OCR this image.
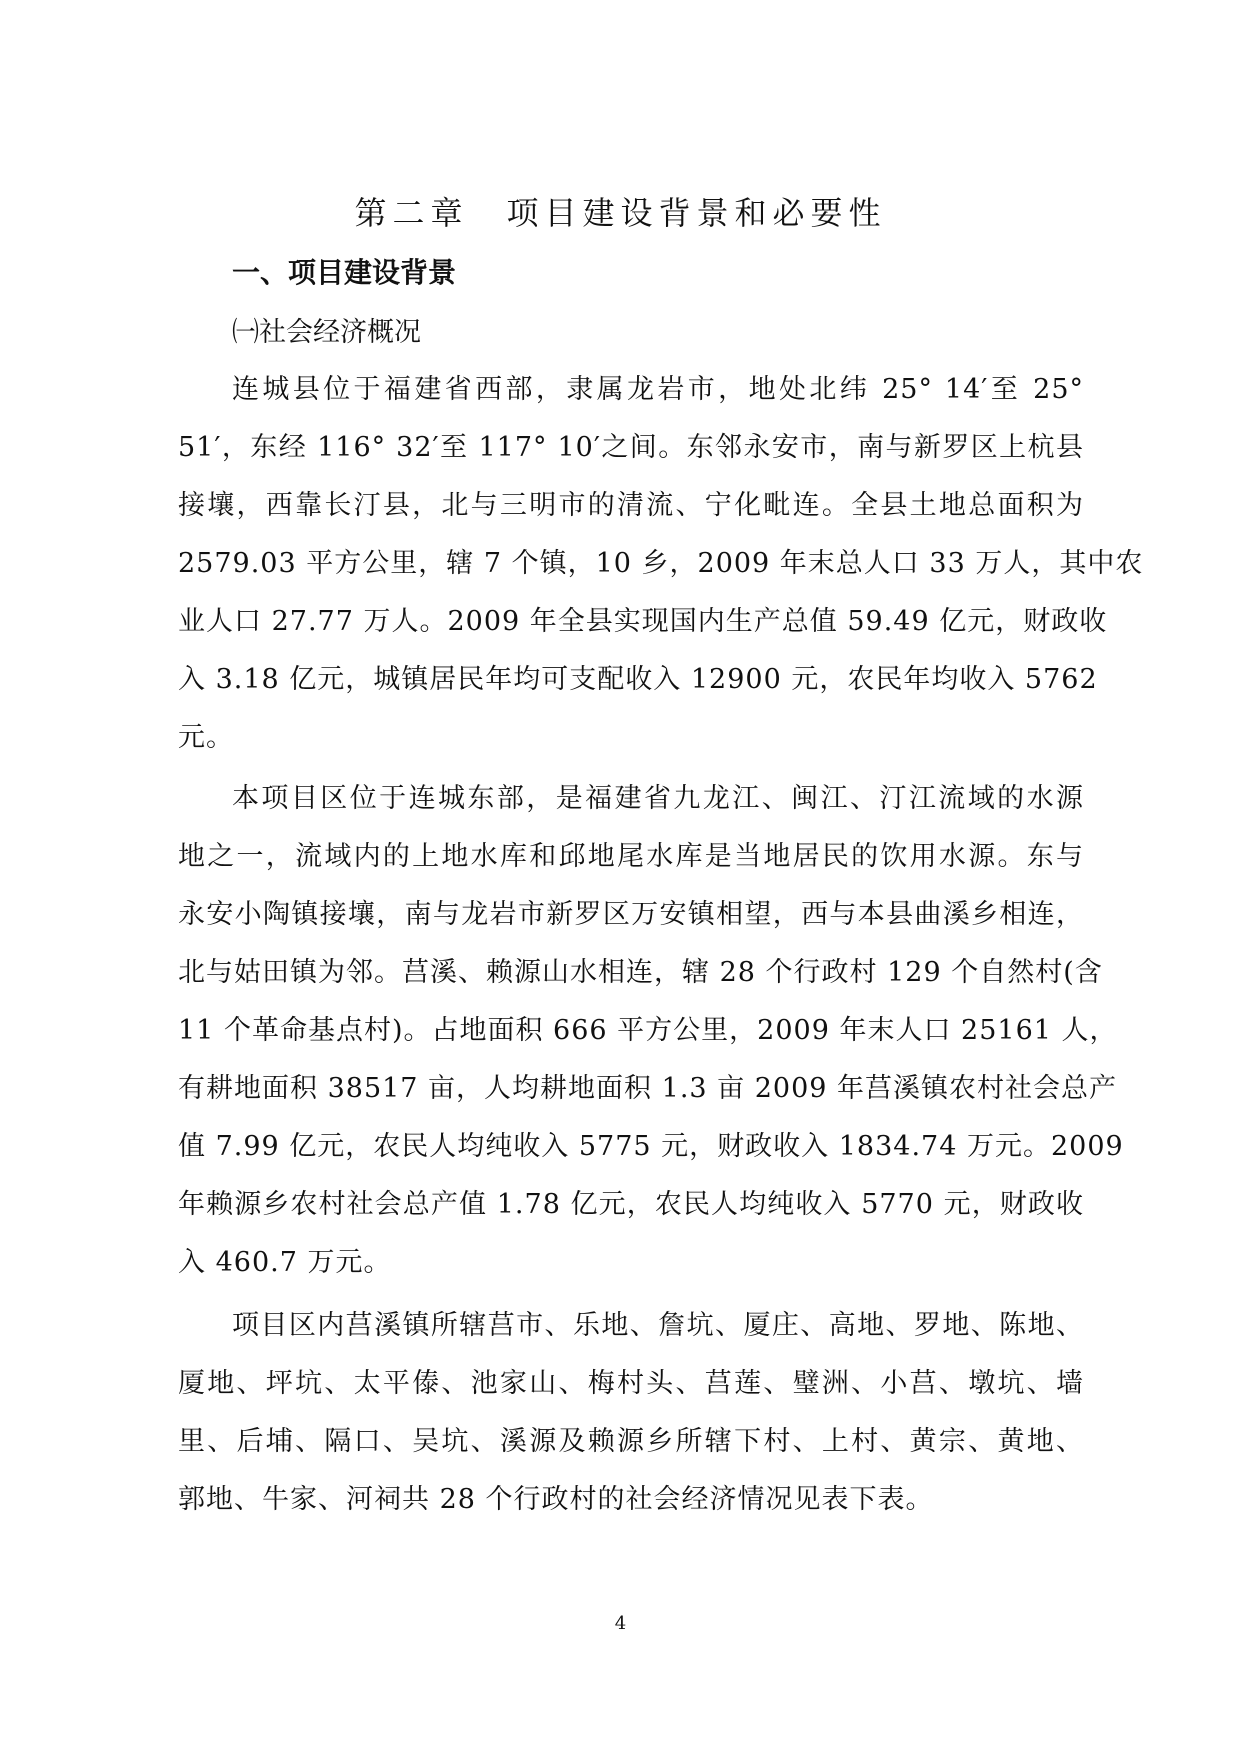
第二章　项目建设背景和必要性
一、项目建设背景
㈠社会经济概况
连城县位于福建省西部，隶属龙岩市，地处北纬 25° 14′至 25°
51′，东经 116° 32′至 117° 10′之间。东邻永安市，南与新罗区上杭县
接壤，西靠长汀县，北与三明市的清流、宁化毗连。全县土地总面积为
2579.03 平方公里，辖 7 个镇，10 乡，2009 年末总人口 33 万人，其中农
业人口 27.77 万人。2009 年全县实现国内生产总值 59.49 亿元，财政收
入 3.18 亿元，城镇居民年均可支配收入 12900 元，农民年均收入 5762
元。
本项目区位于连城东部，是福建省九龙江、闽江、汀江流域的水源
地之一，流域内的上地水库和邱地尾水库是当地居民的饮用水源。东与
永安小陶镇接壤，南与龙岩市新罗区万安镇相望，西与本县曲溪乡相连，
北与姑田镇为邻。莒溪、赖源山水相连，辖 28 个行政村 129 个自然村(含
11 个革命基点村)。占地面积 666 平方公里，2009 年末人口 25161 人，
有耕地面积 38517 亩，人均耕地面积 1.3 亩 2009 年莒溪镇农村社会总产
值 7.99 亿元，农民人均纯收入 5775 元，财政收入 1834.74 万元。2009
年赖源乡农村社会总产值 1.78 亿元，农民人均纯收入 5770 元，财政收
入 460.7 万元。
项目区内莒溪镇所辖莒市、乐地、詹坑、厦庄、高地、罗地、陈地、
厦地、坪坑、太平傣、池家山、梅村头、莒莲、璧洲、小莒、墩坑、墙
里、后埔、隔口、吴坑、溪源及赖源乡所辖下村、上村、黄宗、黄地、
郭地、牛家、河祠共 28 个行政村的社会经济情况见表下表。
4
